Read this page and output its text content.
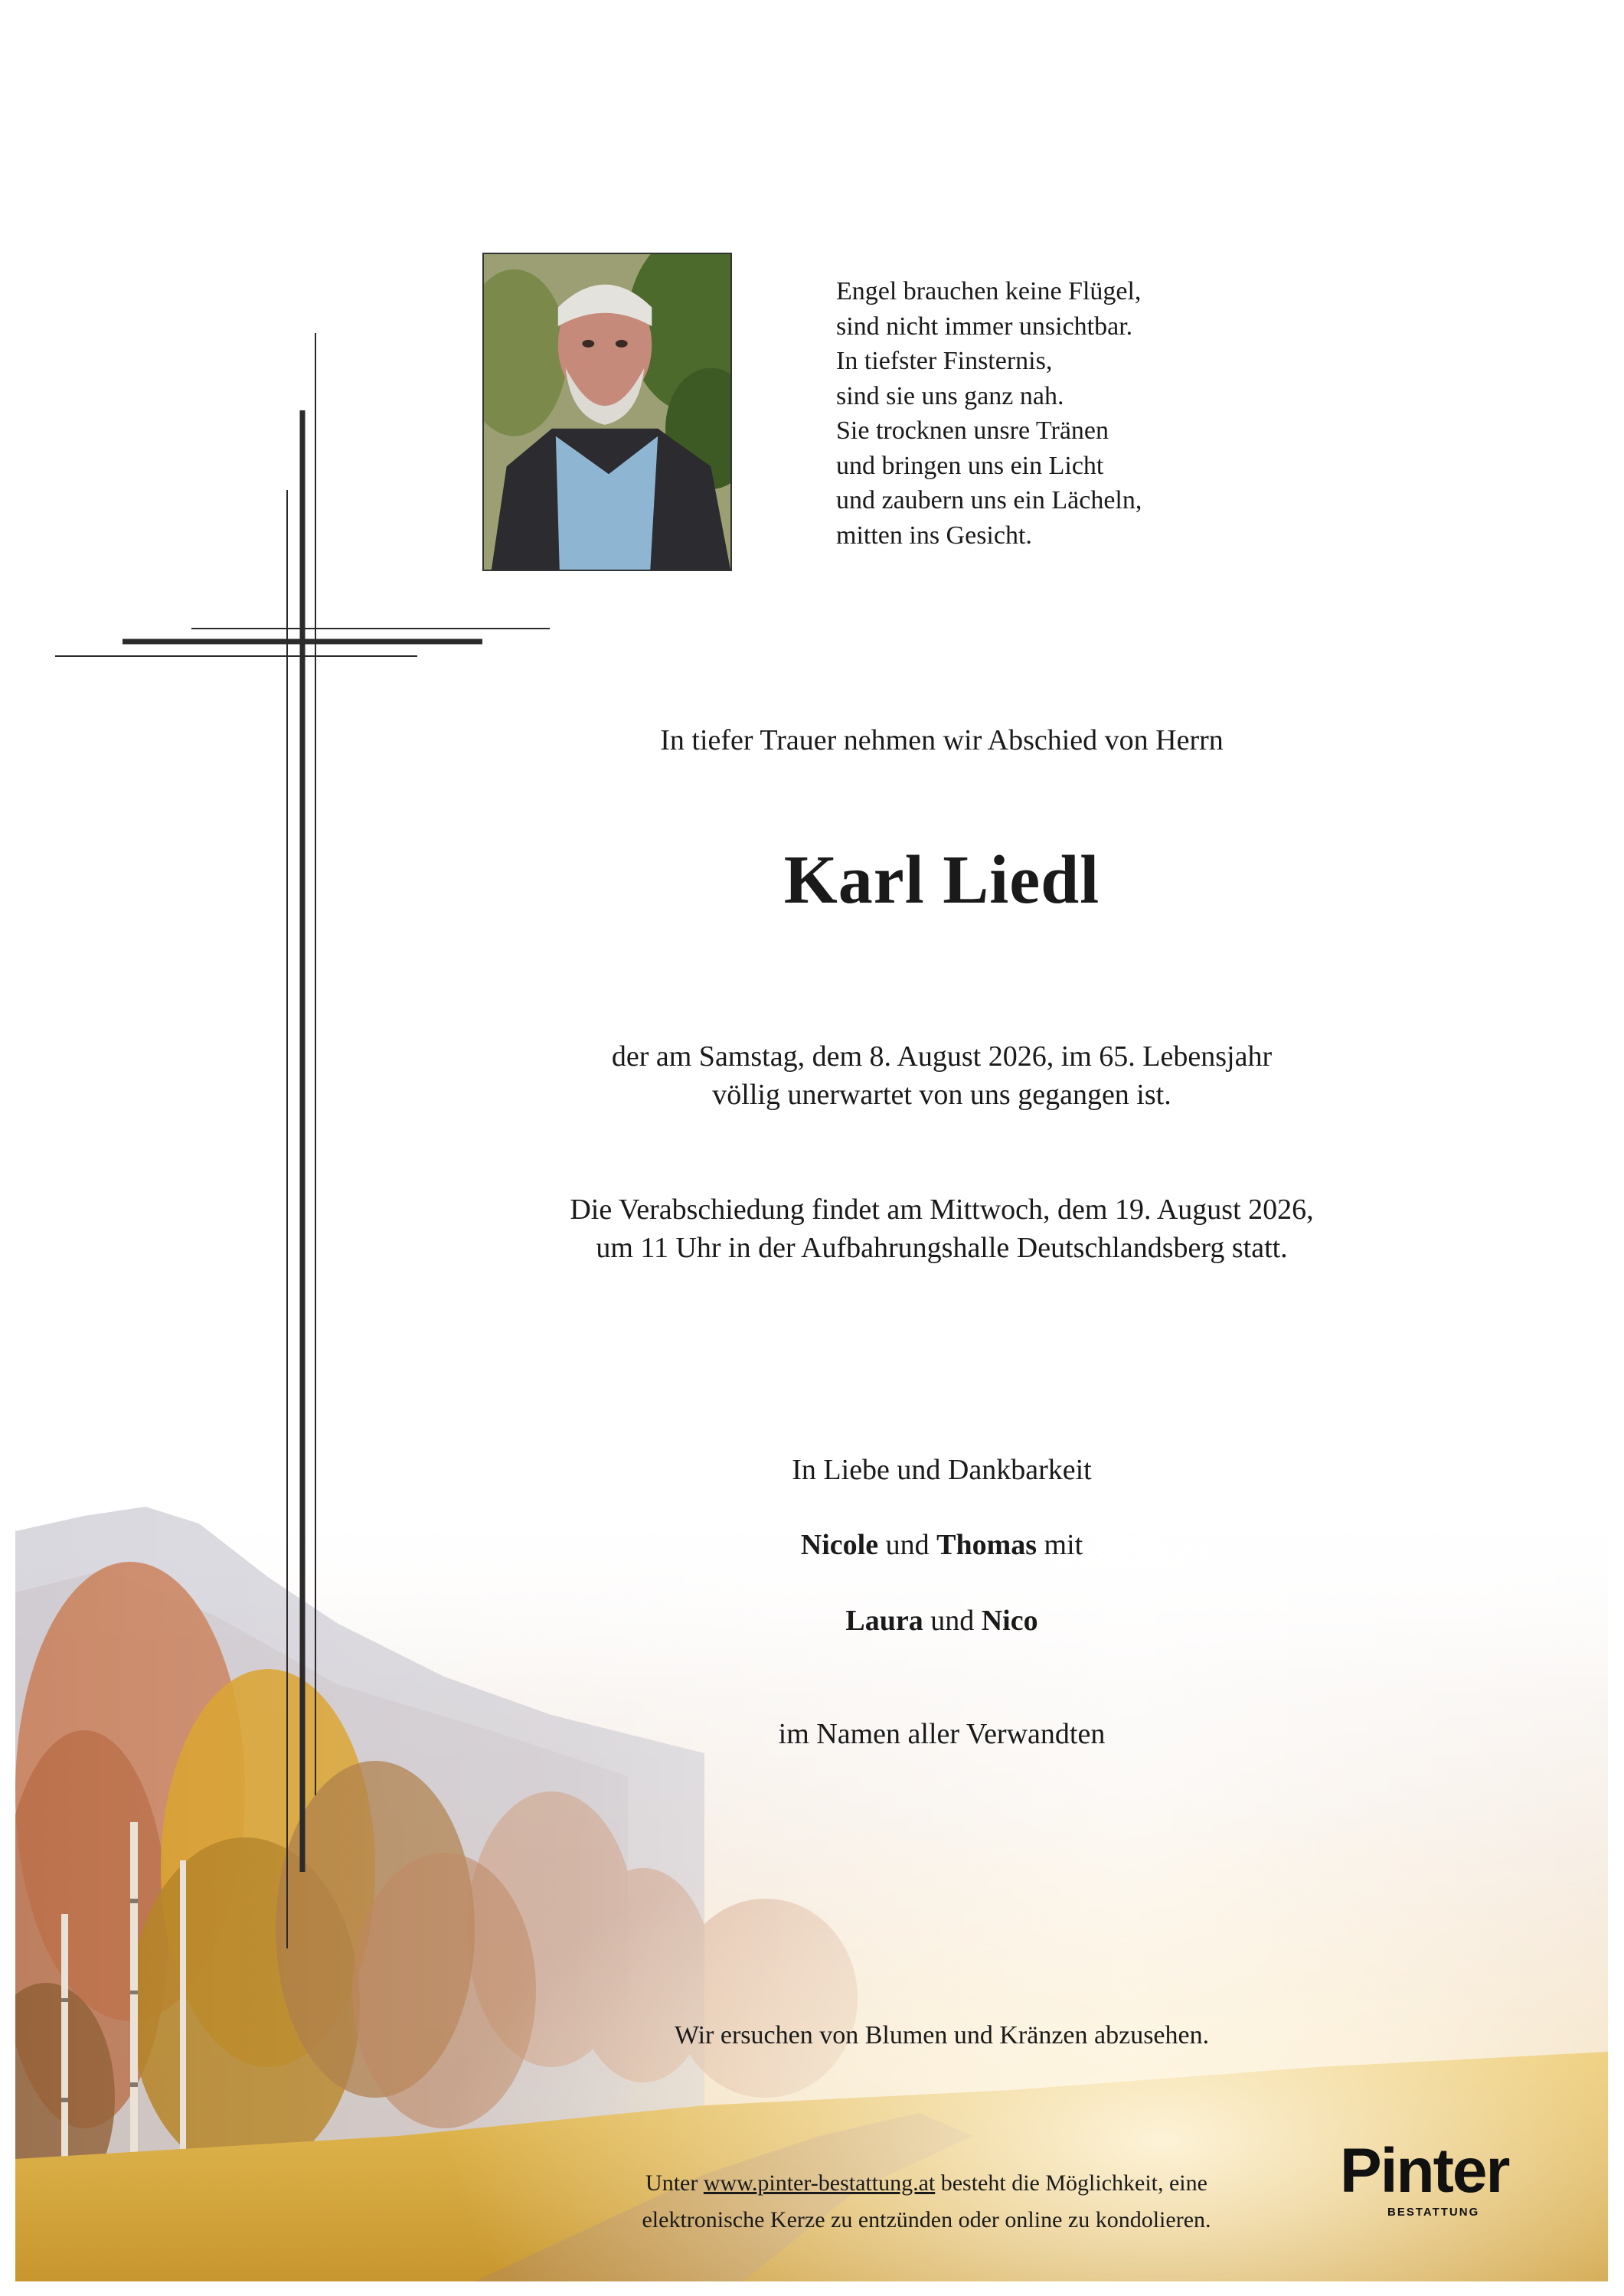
Engel brauchen keine Flügel,
sind nicht immer unsichtbar.
In tiefster Finsternis,
sind sie uns ganz nah.
Sie trocknen unsre Tränen
und bringen uns ein Licht
und zaubern uns ein Lächeln,
mitten ins Gesicht.
In tiefer Trauer nehmen wir Abschied von Herrn
Karl Liedl
der am Samstag, dem 8. August 2026, im 65. Lebensjahr
völlig unerwartet von uns gegangen ist.
Die Verabschiedung findet am Mittwoch, dem 19. August 2026,
um 11 Uhr in der Aufbahrungshalle Deutschlandsberg statt.
In Liebe und Dankbarkeit
Nicole und Thomas mit
Laura und Nico
im Namen aller Verwandten
Wir ersuchen von Blumen und Kränzen abzusehen.
Unter www.pinter-bestattung.at besteht die Möglichkeit, eine
elektronische Kerze zu entzünden oder online zu kondolieren.
Pinter
BESTATTUNG
